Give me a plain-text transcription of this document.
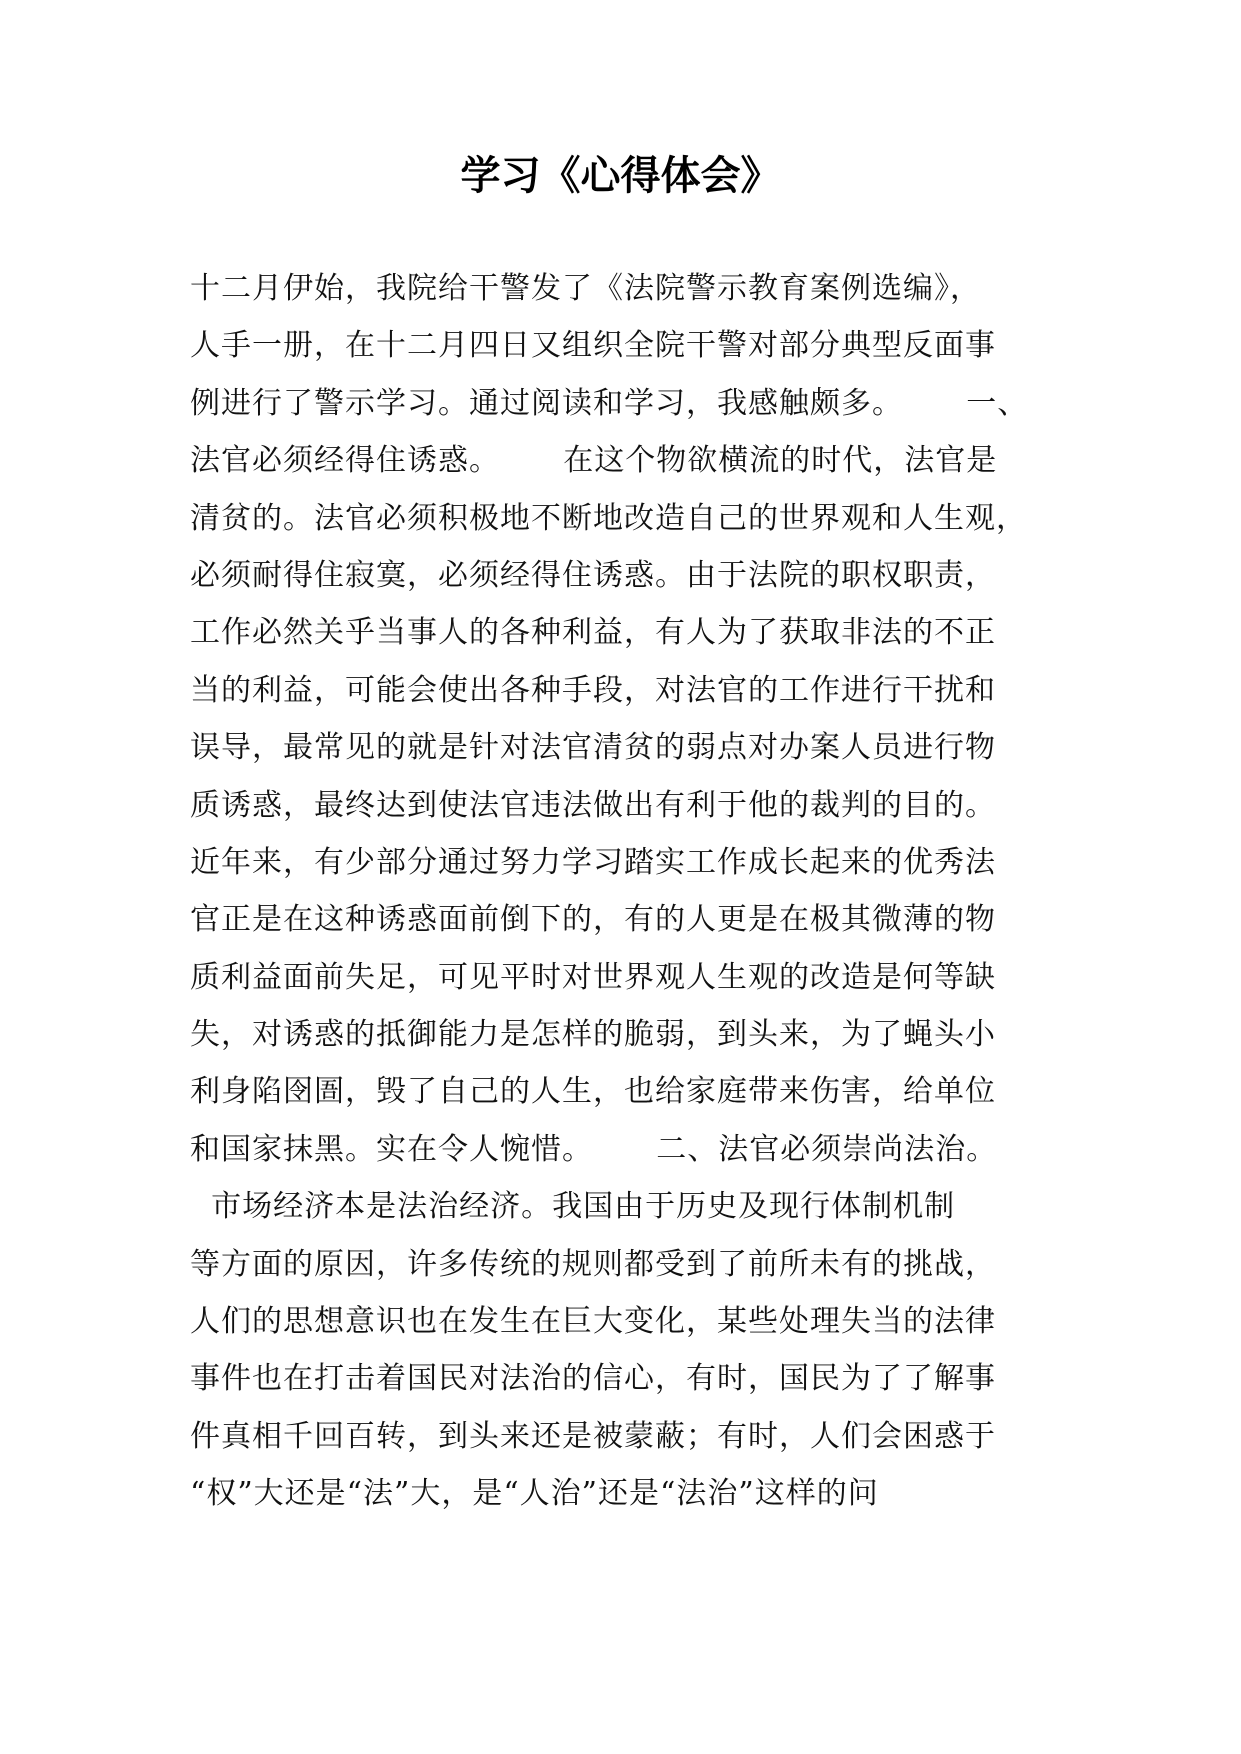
学习《心得体会》
十二月伊始，我院给干警发了《法院警示教育案例选编》，
人手一册，在十二月四日又组织全院干警对部分典型反面事
例进行了警示学习。通过阅读和学习，我感触颇多。      一、
法官必须经得住诱惑。      在这个物欲横流的时代，法官是
清贫的。法官必须积极地不断地改造自己的世界观和人生观，
必须耐得住寂寞，必须经得住诱惑。由于法院的职权职责，
工作必然关乎当事人的各种利益，有人为了获取非法的不正
当的利益，可能会使出各种手段，对法官的工作进行干扰和
误导，最常见的就是针对法官清贫的弱点对办案人员进行物
质诱惑，最终达到使法官违法做出有利于他的裁判的目的。
近年来，有少部分通过努力学习踏实工作成长起来的优秀法
官正是在这种诱惑面前倒下的，有的人更是在极其微薄的物
质利益面前失足，可见平时对世界观人生观的改造是何等缺
失，对诱惑的抵御能力是怎样的脆弱，到头来，为了蝇头小
利身陷囹圄，毁了自己的人生，也给家庭带来伤害，给单位
和国家抹黑。实在令人惋惜。      二、法官必须崇尚法治。
市场经济本是法治经济。我国由于历史及现行体制机制
等方面的原因，许多传统的规则都受到了前所未有的挑战，
人们的思想意识也在发生在巨大变化，某些处理失当的法律
事件也在打击着国民对法治的信心，有时，国民为了了解事
件真相千回百转，到头来还是被蒙蔽；有时，人们会困惑于
“权”大还是“法”大，是“人治”还是“法治”这样的问
